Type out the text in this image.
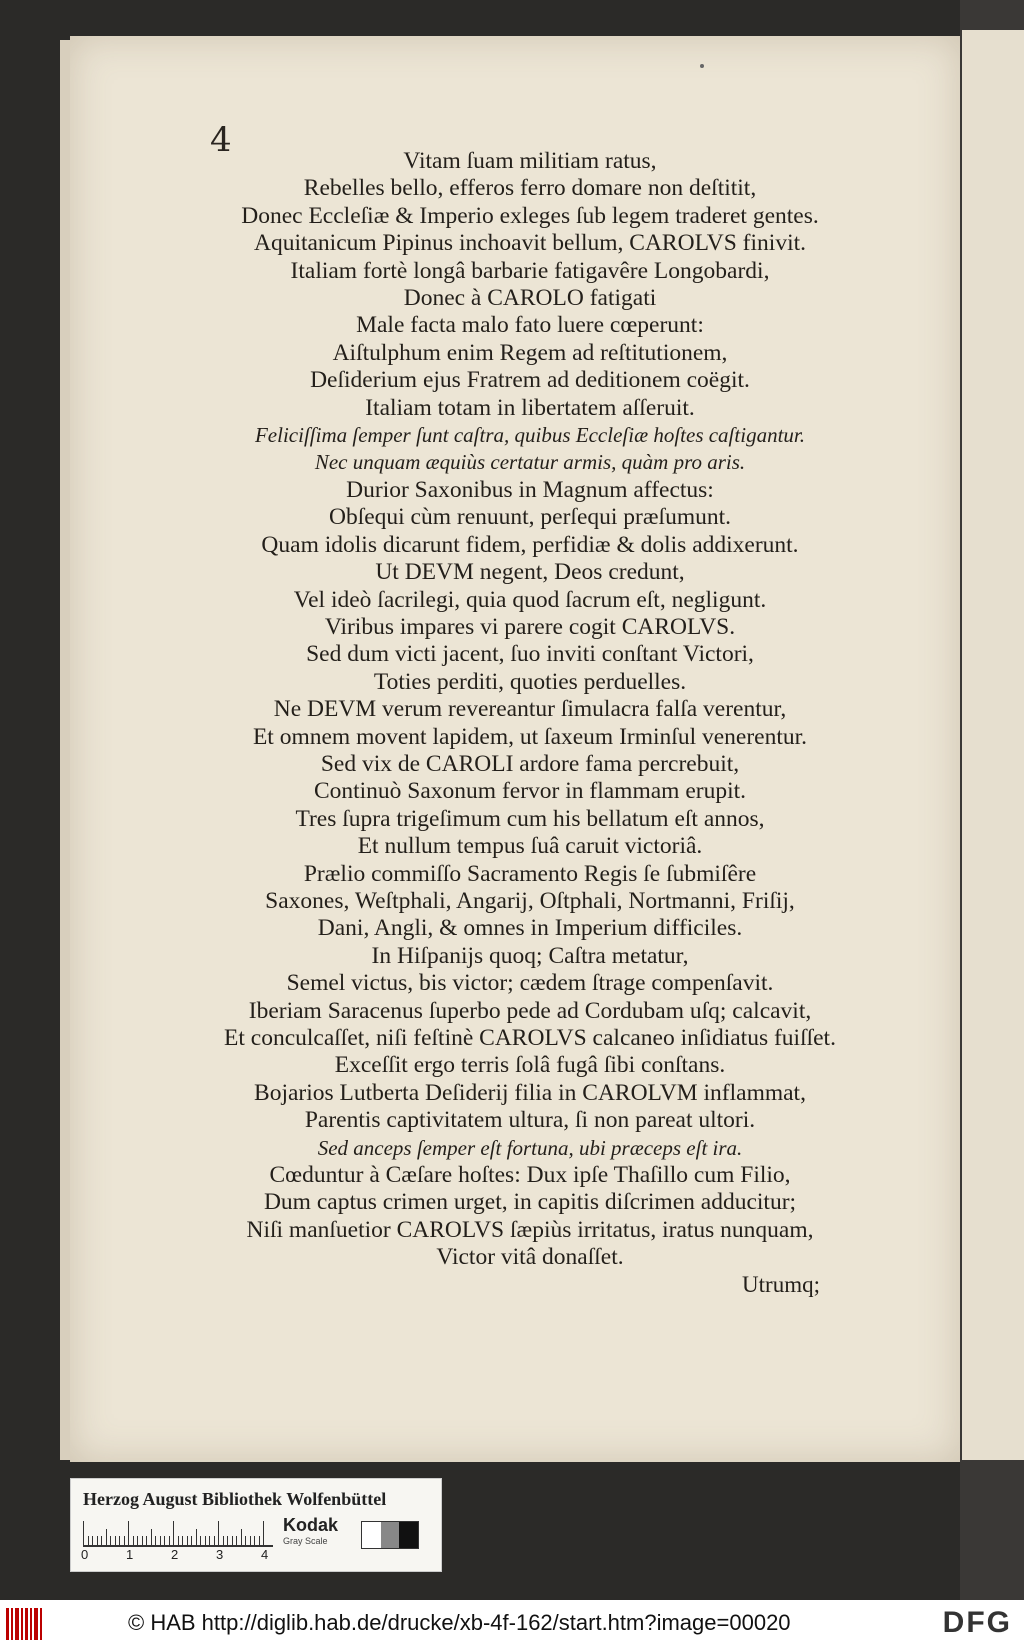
4
Vitam ſuam militiam ratus,
Rebelles bello, efferos ferro domare non deſtitit,
Donec Eccleſiæ & Imperio exleges ſub legem traderet gentes.
Aquitanicum Pipinus inchoavit bellum, CAROLVS finivit.
Italiam fortè longâ barbarie fatigavêre Longobardi,
Donec à CAROLO fatigati
Male facta malo fato luere cœperunt:
Aiſtulphum enim Regem ad reſtitutionem,
Deſiderium ejus Fratrem ad deditionem coëgit.
Italiam totam in libertatem aſſeruit.
Feliciſſima ſemper ſunt caſtra, quibus Eccleſiæ hoſtes caſtigantur.
Nec unquam æquiùs certatur armis, quàm pro aris.
Durior Saxonibus in Magnum affectus:
Obſequi cùm renuunt, perſequi præſumunt.
Quam idolis dicarunt fidem, perfidiæ & dolis addixerunt.
Ut DEVM negent, Deos credunt,
Vel ideò ſacrilegi, quia quod ſacrum eſt, negligunt.
Viribus impares vi parere cogit CAROLVS.
Sed dum victi jacent, ſuo inviti conſtant Victori,
Toties perditi, quoties perduelles.
Ne DEVM verum revereantur ſimulacra falſa verentur,
Et omnem movent lapidem, ut ſaxeum Irminſul venerentur.
Sed vix de CAROLI ardore fama percrebuit,
Continuò Saxonum fervor in flammam erupit.
Tres ſupra trigeſimum cum his bellatum eſt annos,
Et nullum tempus ſuâ caruit victoriâ.
Prælio commiſſo Sacramento Regis ſe ſubmiſêre
Saxones, Weſtphali, Angarij, Oſtphali, Nortmanni, Friſij,
Dani, Angli, & omnes in Imperium difficiles.
In Hiſpanijs quoq; Caſtra metatur,
Semel victus, bis victor; cædem ſtrage compenſavit.
Iberiam Saracenus ſuperbo pede ad Cordubam uſq; calcavit,
Et conculcaſſet, niſi feſtinè CAROLVS calcaneo inſidiatus fuiſſet.
Exceſſit ergo terris ſolâ fugâ ſibi conſtans.
Bojarios Lutberta Deſiderij filia in CAROLVM inflammat,
Parentis captivitatem ultura, ſi non pareat ultori.
Sed anceps ſemper eſt fortuna, ubi præceps eſt ira.
Cœduntur à Cæſare hoſtes: Dux ipſe Thaſillo cum Filio,
Dum captus crimen urget, in capitis diſcrimen adducitur;
Niſi manſuetior CAROLVS ſæpiùs irritatus, iratus nunquam,
Victor vitâ donaſſet.
Utrumq;
Herzog August Bibliothek Wolfenbüttel
0	1	2	3	4
Kodak
Gray Scale
© HAB http://diglib.hab.de/drucke/xb-4f-162/start.htm?image=00020	DFG
